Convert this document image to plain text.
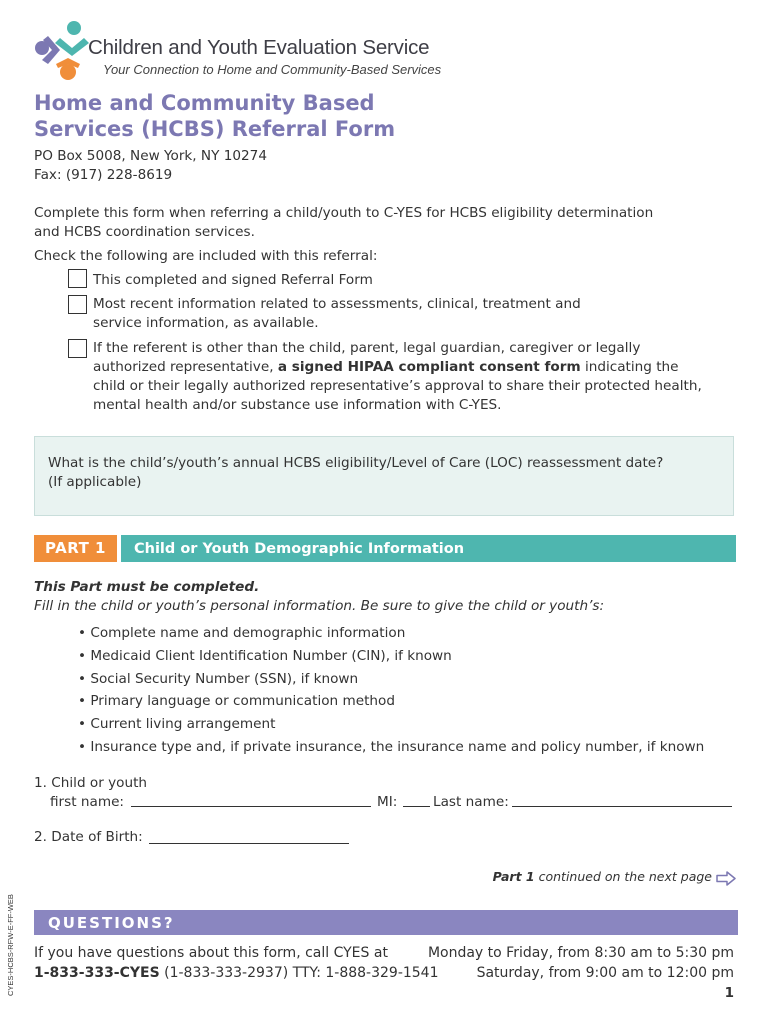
Children and Youth Evaluation Service
Your Connection to Home and Community-Based Services
Home and Community Based
Services (HCBS) Referral Form
PO Box 5008, New York, NY 10274
Fax: (917) 228-8619
Complete this form when referring a child/youth to C-YES for HCBS eligibility determination
and HCBS coordination services.
Check the following are included with this referral:
This completed and signed Referral Form
Most recent information related to assessments, clinical, treatment and
service information, as available.
If the referent is other than the child, parent, legal guardian, caregiver or legally
authorized representative, a signed HIPAA compliant consent form indicating the
child or their legally authorized representative’s approval to share their protected health,
mental health and/or substance use information with C-YES.
What is the child’s/youth’s annual HCBS eligibility/Level of Care (LOC) reassessment date?
(If applicable)
PART 1	Child or Youth Demographic Information
This Part must be completed.
Fill in the child or youth’s personal information. Be sure to give the child or youth’s:
• Complete name and demographic information
• Medicaid Client Identification Number (CIN), if known
• Social Security Number (SSN), if known
• Primary language or communication method
• Current living arrangement
• Insurance type and, if private insurance, the insurance name and policy number, if known
1. Child or youth
first name:	MI:	Last name:
2. Date of Birth:
Part 1 continued on the next page
QUESTIONS?
If you have questions about this form, call CYES at
1-833-333-CYES (1-833-333-2937) TTY: 1-888-329-1541
Monday to Friday, from 8:30 am to 5:30 pm
Saturday, from 9:00 am to 12:00 pm
1
CYES-HCBS-RFW-E-FF-WEB
